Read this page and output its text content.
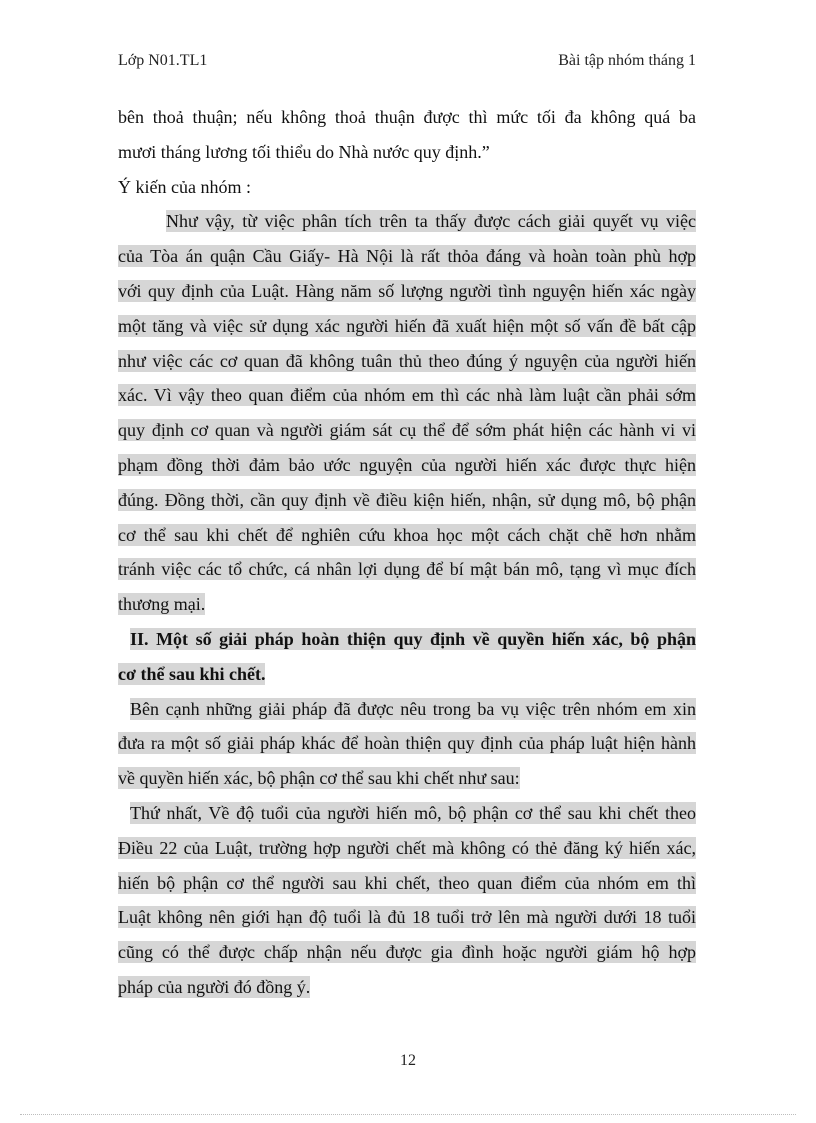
Lớp N01.TL1	Bài tập nhóm tháng 1
bên thoả thuận; nếu không thoả thuận được thì mức tối đa không quá ba
mươi tháng lương tối thiểu do Nhà nước quy định.”
Ý kiến của nhóm :
Như vậy, từ việc phân tích trên ta thấy được cách giải quyết vụ việc
của Tòa án quận Cầu Giấy- Hà Nội là rất thỏa đáng và hoàn toàn phù hợp
với quy định của Luật. Hàng năm số lượng người tình nguyện hiến xác ngày
một tăng và việc sử dụng xác người hiến đã xuất hiện một số vấn đề bất cập
như việc các cơ quan đã không tuân thủ theo đúng ý nguyện của người hiến
xác. Vì vậy theo quan điểm của nhóm em thì các nhà làm luật cần phải sớm
quy định cơ quan và người giám sát cụ thể để sớm phát hiện các hành vi vi
phạm đồng thời đảm bảo ước nguyện của người hiến xác được thực hiện
đúng. Đồng thời, cần quy định về điều kiện hiến, nhận, sử dụng mô, bộ phận
cơ thể sau khi chết để nghiên cứu khoa học một cách chặt chẽ hơn nhằm
tránh việc các tổ chức, cá nhân lợi dụng để bí mật bán mô, tạng vì mục đích
thương mại.
II. Một số giải pháp hoàn thiện quy định về quyền hiến xác, bộ phận
cơ thể sau khi chết.
Bên cạnh những giải pháp đã được nêu trong ba vụ việc trên nhóm em xin
đưa ra một số giải pháp khác để hoàn thiện quy định của pháp luật hiện hành
về quyền hiến xác, bộ phận cơ thể sau khi chết như sau:
Thứ nhất, Về độ tuổi của người hiến mô, bộ phận cơ thể sau khi chết theo
Điều 22 của Luật, trường hợp người chết mà không có thẻ đăng ký hiến xác,
hiến bộ phận cơ thể người sau khi chết, theo quan điểm của nhóm em thì
Luật không nên giới hạn độ tuổi là đủ 18 tuổi trở lên mà người dưới 18 tuổi
cũng có thể được chấp nhận nếu được gia đình hoặc người giám hộ hợp
pháp của người đó đồng ý.
12
